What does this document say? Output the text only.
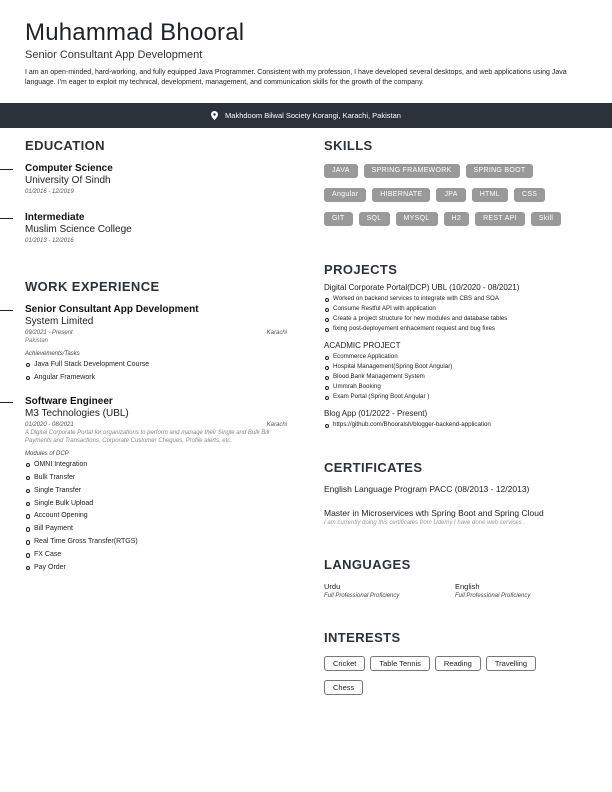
Muhammad Bhooral
Senior Consultant App Development
I am an open-minded, hard-working, and fully equipped Java Programmer. Consistent with my profession, I have developed several desktops, and web applications using Java language. I'm eager to exploit my technical, development, management, and communication skills for the growth of the company.
Makhdoom Bilwal Society Korangi, Karachi, Pakistan
EDUCATION
Computer Science
University Of Sindh
01/2016 - 12/2019
Intermediate
Muslim Science College
01/2013 - 12/2016
WORK EXPERIENCE
Senior Consultant App Development
System Limited
09/2021 - Present	Karachi
Pakistan
Achievements/Tasks
Java Full Stack Development Course
Angular Framework
Software Engineer
M3 Technologies (UBL)
01/2020 - 08/2021	Karachi
A Digital Corporate Portal for organizations to perform and manage their Single and Bulk Bill Payments and Transactions, Corporate Customer Cheques, Profile alerts, etc.
Modules of DCP
OMNI Integration
Bulk Transfer
Single Transfer
Single Bulk Upload
Account Opening
Bill Payment
Real Time Gross Transfer(RTGS)
FX Case
Pay Order
SKILLS
JAVA	SPRING FRAMEWORK	SPRING BOOT
Angular	HIBERNATE	JPA	HTML	CSS
GIT	SQL	MYSQL	H2	REST API	Skill
PROJECTS
Digital Corporate Portal(DCP) UBL (10/2020 - 08/2021)
Worked on backend services to integrate with CBS and SOA
Consume Restful API with application
Create a project structure for new modules and database tables
fixing post-deployement enhacement request and bug fixes
ACADMIC PROJECT
Ecommerce Application
Hospital Management(Spring Boot Angular)
Blood Bank Management System
Ummrah Booking
Exam Portal (Spring Boot Angular )
Blog App (01/2022 - Present)
https://github.com/Bhooralsh/blogger-backend-application
CERTIFICATES
English Language Program PACC (08/2013 - 12/2013)
Master in Microservices wth Spring Boot and Spring Cloud
I am currently doing this certificates from Udemy I have done web services .
LANGUAGES
Urdu
Full Professional Proficiency
English
Full Professional Proficiency
INTERESTS
Cricket	Table Tennis	Reading	Travelling
Chess
